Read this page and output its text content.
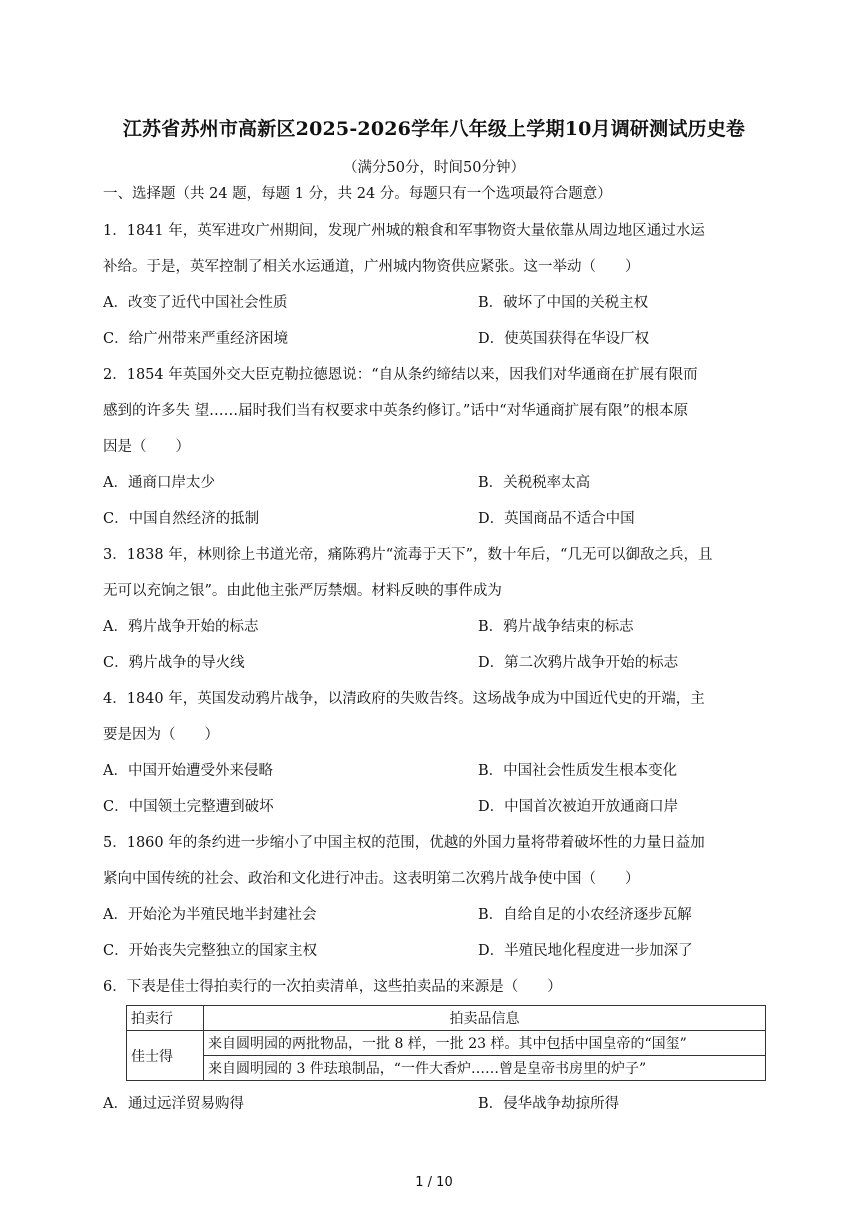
江苏省苏州市高新区2025-2026学年八年级上学期10月调研测试历史卷
（满分50分，时间50分钟）
一、选择题（共 24 题，每题 1 分，共 24 分。每题只有一个选项最符合题意）
1．1841 年，英军进攻广州期间，发现广州城的粮食和军事物资大量依靠从周边地区通过水运
补给。于是，英军控制了相关水运通道，广州城内物资供应紧张。这一举动（　　）
A．改变了近代中国社会性质	B．破坏了中国的关税主权
C．给广州带来严重经济困境	D．使英国获得在华设厂权
2．1854 年英国外交大臣克勒拉德恩说：“自从条约缔结以来，因我们对华通商在扩展有限而
感到的许多失 望……届时我们当有权要求中英条约修订。”话中“对华通商扩展有限”的根本原
因是（　　）
A．通商口岸太少	B．关税税率太高
C．中国自然经济的抵制	D．英国商品不适合中国
3．1838 年，林则徐上书道光帝，痛陈鸦片“流毒于天下”，数十年后，“几无可以御敌之兵，且
无可以充饷之银”。由此他主张严厉禁烟。材料反映的事件成为
A．鸦片战争开始的标志	B．鸦片战争结束的标志
C．鸦片战争的导火线	D．第二次鸦片战争开始的标志
4．1840 年，英国发动鸦片战争，以清政府的失败告终。这场战争成为中国近代史的开端，主
要是因为（　　）
A．中国开始遭受外来侵略	B．中国社会性质发生根本变化
C．中国领土完整遭到破坏	D．中国首次被迫开放通商口岸
5．1860 年的条约进一步缩小了中国主权的范围，优越的外国力量将带着破坏性的力量日益加
紧向中国传统的社会、政治和文化进行冲击。这表明第二次鸦片战争使中国（　　）
A．开始沦为半殖民地半封建社会	B．自给自足的小农经济逐步瓦解
C．开始丧失完整独立的国家主权	D．半殖民地化程度进一步加深了
6．下表是佳士得拍卖行的一次拍卖清单，这些拍卖品的来源是（　　）
拍卖行	拍卖品信息
佳士得	来自圆明园的两批物品，一批 8 样，一批 23 样。其中包括中国皇帝的“国玺”
	来自圆明园的 3 件珐琅制品，“一件大香炉……曾是皇帝书房里的炉子”
A．通过远洋贸易购得	B．侵华战争劫掠所得
1 / 10
